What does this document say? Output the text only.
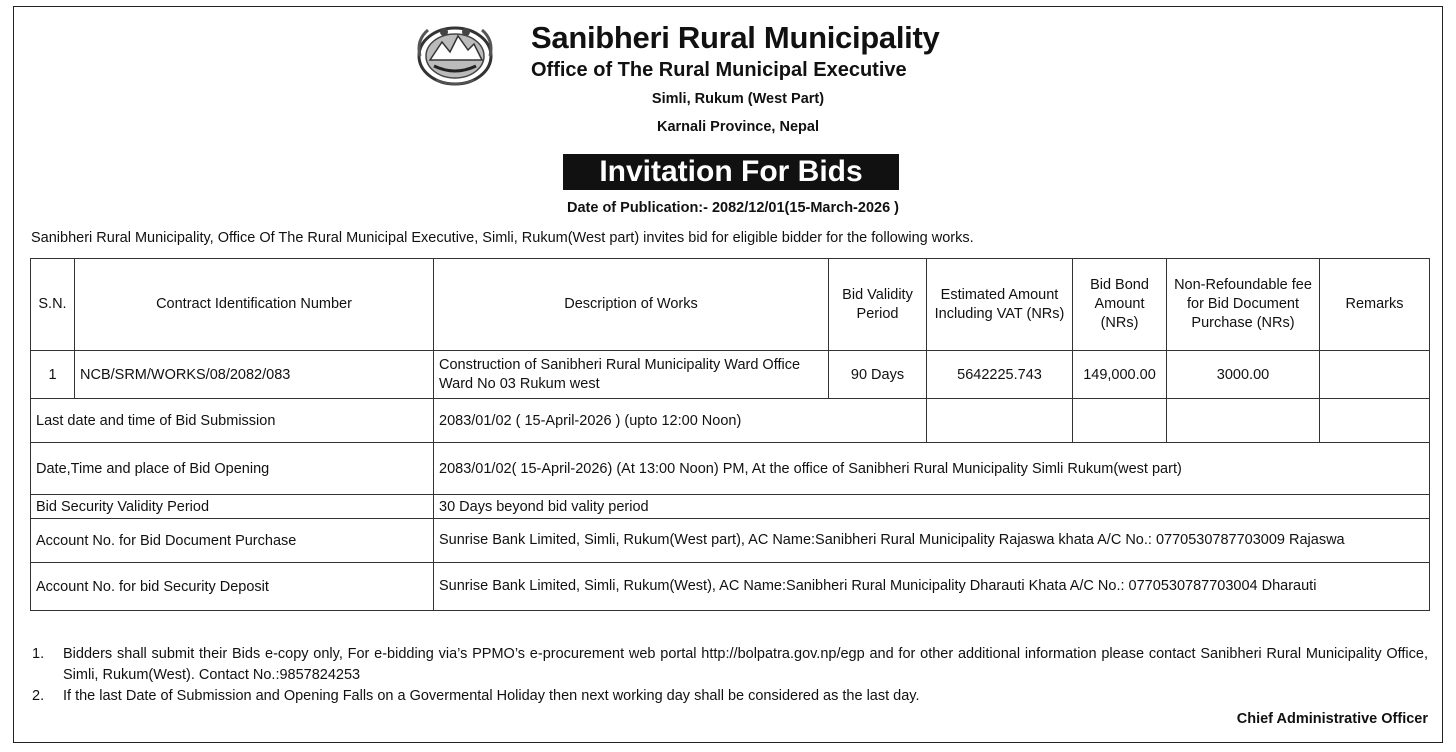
Sanibheri Rural Municipality
Office of The Rural Municipal Executive
Simli, Rukum (West Part)
Karnali Province, Nepal
Invitation For Bids
Date of Publication:- 2082/12/01(15-March-2026 )
Sanibheri Rural Municipality, Office Of The Rural Municipal Executive, Simli, Rukum(West part) invites bid for eligible bidder for the following works.
S.N.	Contract Identification Number	Description of Works	Bid Validity Period	Estimated Amount Including VAT (NRs)	Bid Bond Amount (NRs)	Non-Refoundable fee for Bid Document Purchase (NRs)	Remarks
1	NCB/SRM/WORKS/08/2082/083	Construction of Sanibheri Rural Municipality Ward Office Ward No 03 Rukum west	90 Days	5642225.743	149,000.00	3000.00	
Last date and time of Bid Submission		2083/01/02 ( 15-April-2026 ) (upto 12:00 Noon)					
Date,Time and place of Bid Opening		2083/01/02( 15-April-2026) (At 13:00 Noon) PM, At the office of Sanibheri Rural Municipality Simli Rukum(west part)					
Bid Security Validity Period		30 Days beyond bid vality period					
Account No. for Bid Document Purchase		Sunrise Bank Limited, Simli, Rukum(West part), AC Name:Sanibheri Rural Municipality Rajaswa khata A/C No.: 0770530787703009 Rajaswa					
Account No. for bid Security Deposit		Sunrise Bank Limited, Simli, Rukum(West), AC Name:Sanibheri Rural Municipality Dharauti Khata A/C No.: 0770530787703004 Dharauti					
1.	Bidders shall submit their Bids e-copy only, For e-bidding via’s PPMO’s e-procurement web portal http://bolpatra.gov.np/egp and for other additional information please contact Sanibheri Rural Municipality Office, Simli, Rukum(West). Contact No.:9857824253
2.	If the last Date of Submission and Opening Falls on a Govermental Holiday then next working day shall be considered as the last day.
Chief Administrative Officer
